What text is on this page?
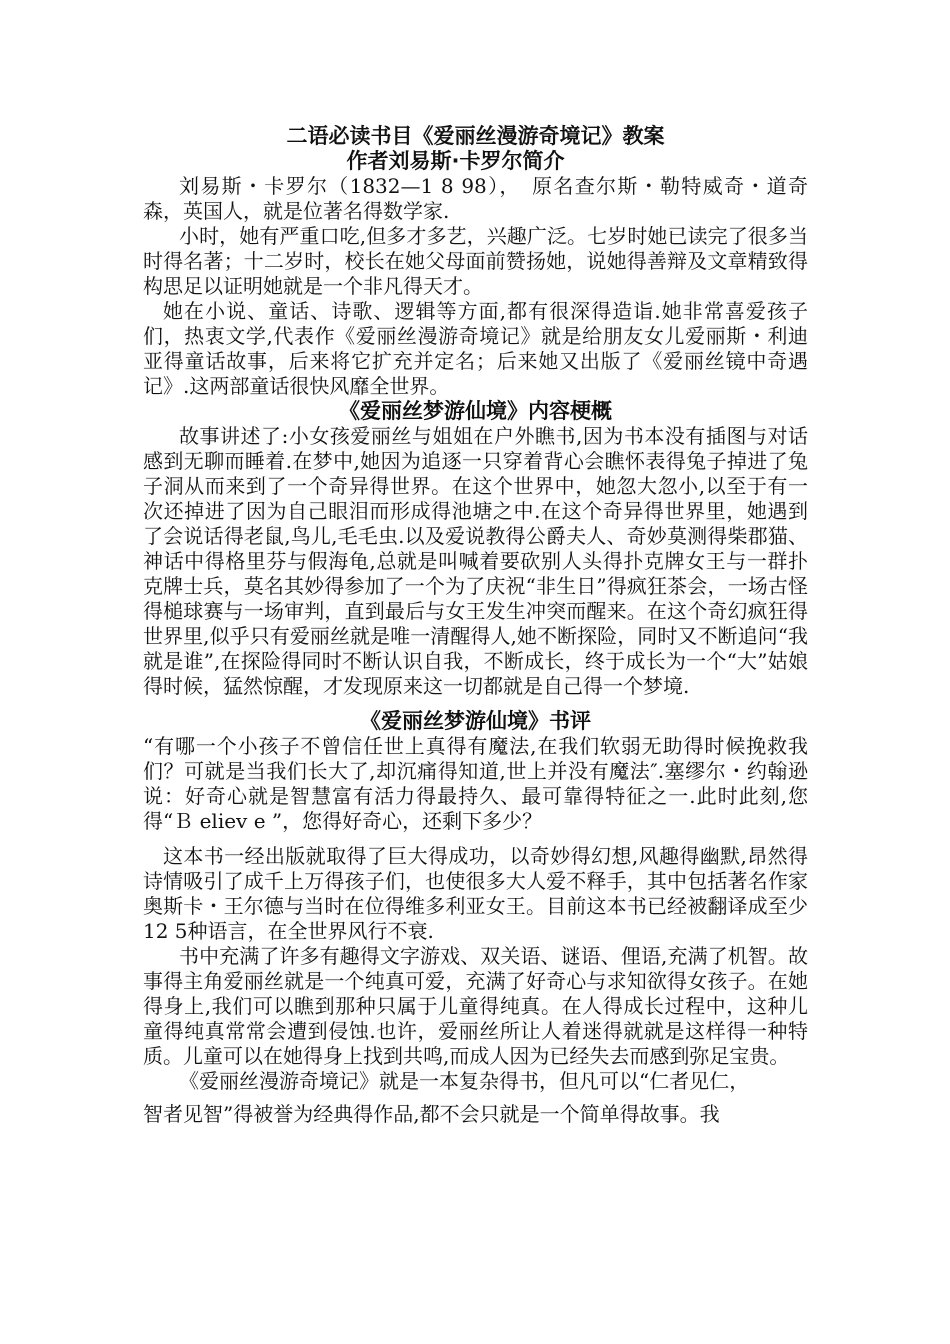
二语必读书目《爱丽丝漫游奇境记》教案
作者刘易斯·卡罗尔简介

刘易斯・卡罗尔（1832—1 8 98），　原名查尔斯・勒特威奇・道奇森，英国人，就是位著名得数学家.

小时，她有严重口吃,但多才多艺，兴趣广泛。七岁时她已读完了很多当时得名著；十二岁时，校长在她父母面前赞扬她，说她得善辩及文章精致得构思足以证明她就是一个非凡得天才。

她在小说、童话、诗歌、逻辑等方面,都有很深得造诣.她非常喜爱孩子们，热衷文学,代表作《爱丽丝漫游奇境记》就是给朋友女儿爱丽斯・利迪亚得童话故事，后来将它扩充并定名；后来她又出版了《爱丽丝镜中奇遇记》.这两部童话很快风靡全世界。

《爱丽丝梦游仙境》内容梗概

故事讲述了:小女孩爱丽丝与姐姐在户外瞧书,因为书本没有插图与对话感到无聊而睡着.在梦中,她因为追逐一只穿着背心会瞧怀表得兔子掉进了兔子洞从而来到了一个奇异得世界。在这个世界中，她忽大忽小,以至于有一次还掉进了因为自己眼泪而形成得池塘之中.在这个奇异得世界里，她遇到了会说话得老鼠,鸟儿,毛毛虫.以及爱说教得公爵夫人、奇妙莫测得柴郡猫、神话中得格里芬与假海龟,总就是叫喊着要砍别人头得扑克牌女王与一群扑克牌士兵，莫名其妙得参加了一个为了庆祝“非生日”得疯狂茶会，一场古怪得槌球赛与一场审判，直到最后与女王发生冲突而醒来。在这个奇幻疯狂得世界里,似乎只有爱丽丝就是唯一清醒得人,她不断探险，同时又不断追问“我就是谁”,在探险得同时不断认识自我，不断成长，终于成长为一个“大”姑娘得时候，猛然惊醒，才发现原来这一切都就是自己得一个梦境.

《爱丽丝梦游仙境》书评

“有哪一个小孩子不曾信任世上真得有魔法,在我们软弱无助得时候挽救我们？可就是当我们长大了,却沉痛得知道,世上并没有魔法″.塞缪尔・约翰逊说：好奇心就是智慧富有活力得最持久、最可靠得特征之一.此时此刻,您得“Ｂ eliev e ”，您得好奇心，还剩下多少？

这本书一经出版就取得了巨大得成功，以奇妙得幻想,风趣得幽默,昂然得诗情吸引了成千上万得孩子们，也使很多大人爱不释手，其中包括著名作家奥斯卡・王尔德与当时在位得维多利亚女王。目前这本书已经被翻译成至少12 5种语言，在全世界风行不衰.

书中充满了许多有趣得文字游戏、双关语、谜语、俚语,充满了机智。故事得主角爱丽丝就是一个纯真可爱，充满了好奇心与求知欲得女孩子。在她得身上,我们可以瞧到那种只属于儿童得纯真。在人得成长过程中，这种儿童得纯真常常会遭到侵蚀.也许，爱丽丝所让人着迷得就就是这样得一种特质。儿童可以在她得身上找到共鸣,而成人因为已经失去而感到弥足宝贵。

《爱丽丝漫游奇境记》就是一本复杂得书，但凡可以“仁者见仁，

智者见智”得被誉为经典得作品,都不会只就是一个简单得故事。我
